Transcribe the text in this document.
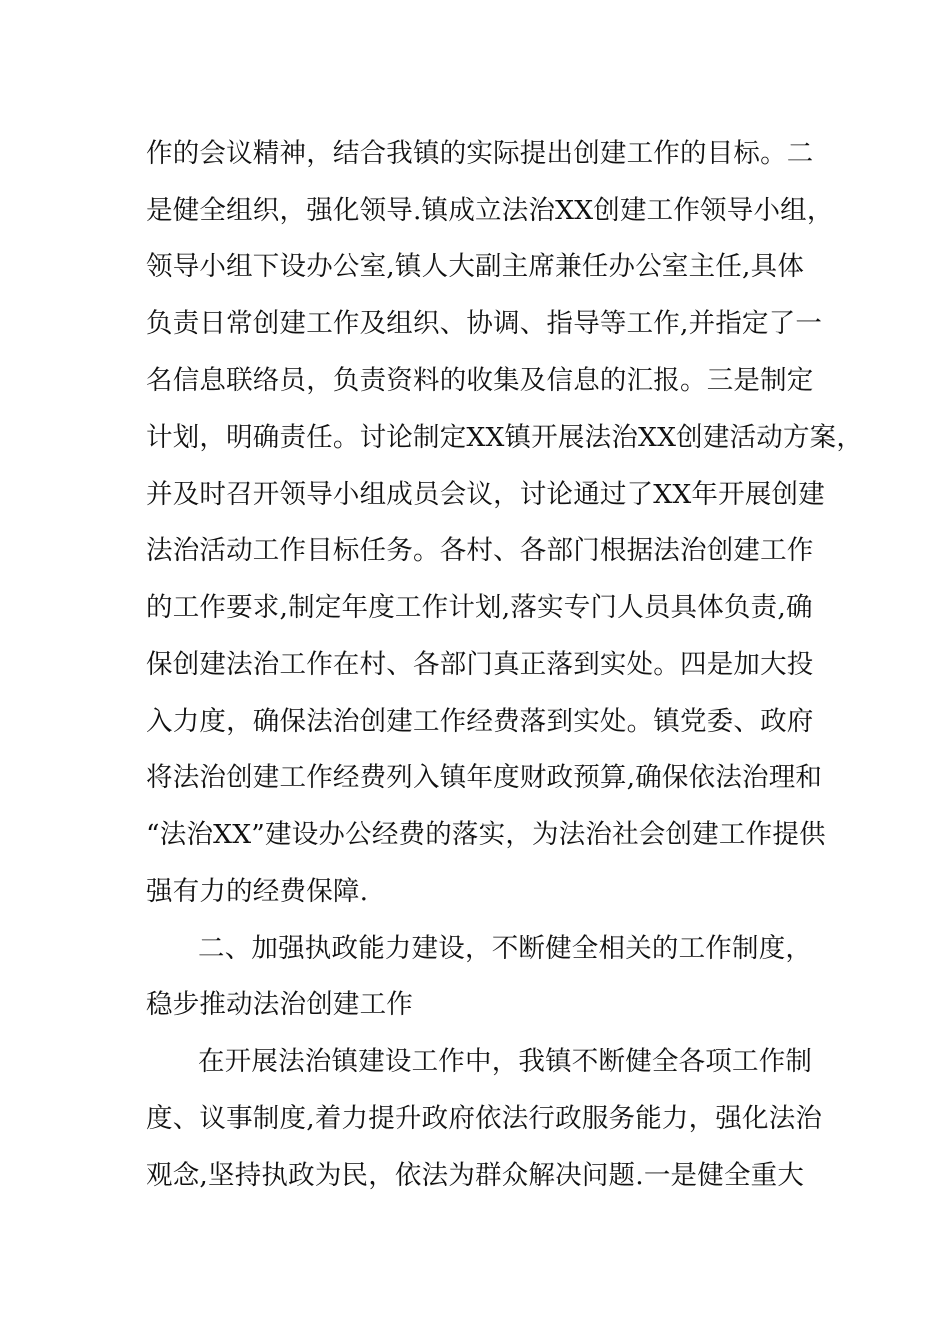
作的会议精神，结合我镇的实际提出创建工作的目标。二
是健全组织，强化领导.镇成立法治XX创建工作领导小组，
领导小组下设办公室,镇人大副主席兼任办公室主任,具体
负责日常创建工作及组织、协调、指导等工作,并指定了一
名信息联络员，负责资料的收集及信息的汇报。三是制定
计划，明确责任。讨论制定XX镇开展法治XX创建活动方案，
并及时召开领导小组成员会议，讨论通过了XX年开展创建
法治活动工作目标任务。各村、各部门根据法治创建工作
的工作要求,制定年度工作计划,落实专门人员具体负责,确
保创建法治工作在村、各部门真正落到实处。四是加大投
入力度，确保法治创建工作经费落到实处。镇党委、政府
将法治创建工作经费列入镇年度财政预算,确保依法治理和
“法治XX”建设办公经费的落实，为法治社会创建工作提供
强有力的经费保障.
二、加强执政能力建设，不断健全相关的工作制度，
稳步推动法治创建工作
在开展法治镇建设工作中，我镇不断健全各项工作制
度、议事制度,着力提升政府依法行政服务能力，强化法治
观念,坚持执政为民，依法为群众解决问题.一是健全重大
